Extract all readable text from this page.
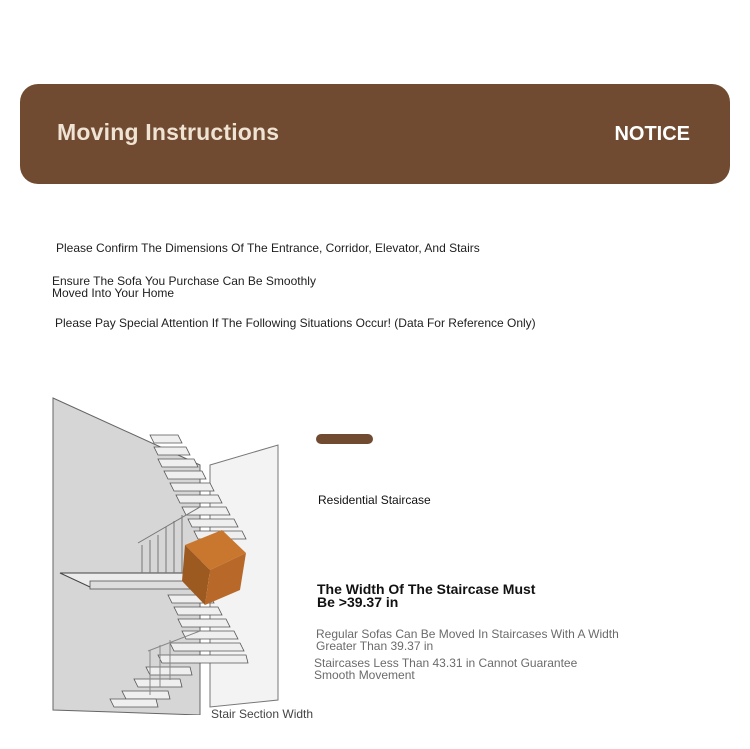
Moving Instructions	NOTICE
Please Confirm The Dimensions Of The Entrance, Corridor, Elevator, And Stairs
Ensure The Sofa You Purchase Can Be Smoothly Moved Into Your Home
Please Pay Special Attention If The Following Situations Occur! (Data For Reference Only)
Stair Section Width
Residential Staircase
The Width Of The Staircase Must Be >39.37 in
Regular Sofas Can Be Moved In Staircases With A Width Greater Than 39.37 in
Staircases Less Than 43.31 in Cannot Guarantee Smooth Movement
